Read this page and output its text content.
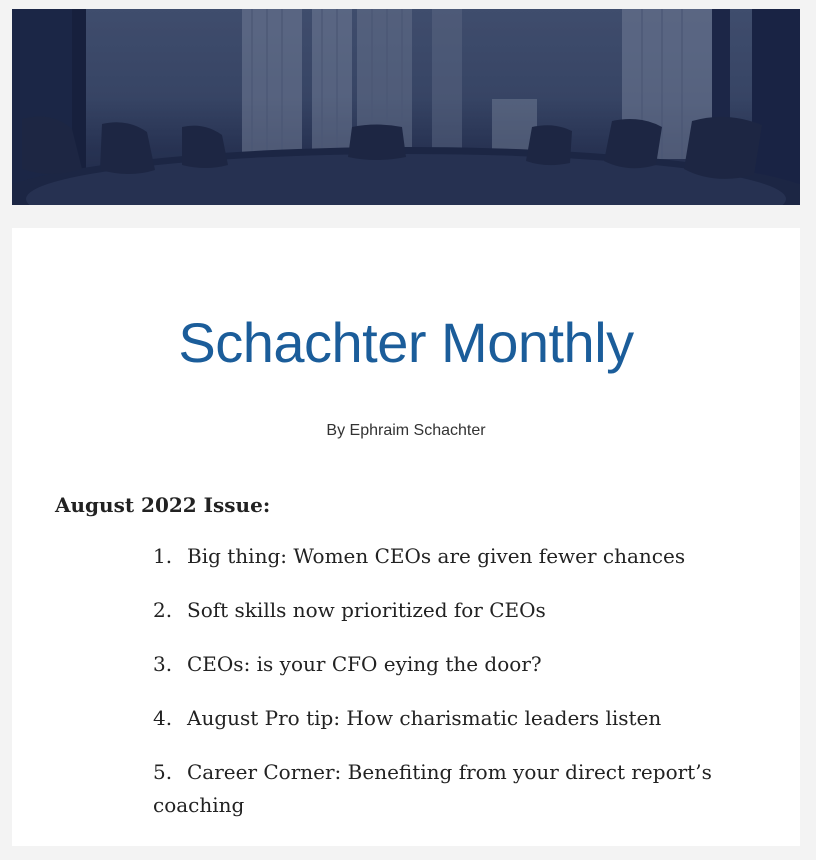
Schachter Monthly
By Ephraim Schachter
August 2022 Issue:
1. Big thing: Women CEOs are given fewer chances
2. Soft skills now prioritized for CEOs
3. CEOs: is your CFO eying the door?
4. August Pro tip: How charismatic leaders listen
5. Career Corner: Benefiting from your direct report’s coaching
